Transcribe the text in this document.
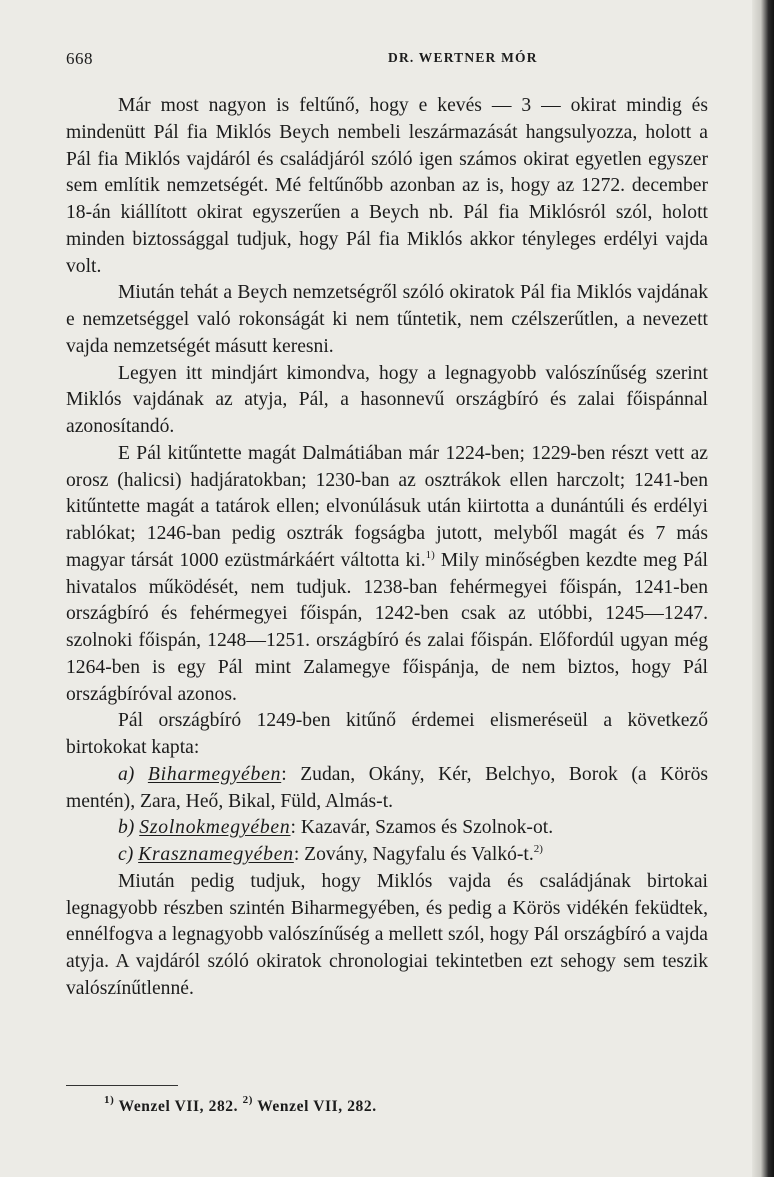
668	DR. WERTNER MÓR

Már most nagyon is feltűnő, hogy e kevés — 3 — okirat mindig és mindenütt Pál fia Miklós Beych nembeli leszármazását hangsulyozza, holott a Pál fia Miklós vajdáról és családjáról szóló igen számos okirat egyetlen egyszer sem említik nemzetségét. Mé feltűnőbb azonban az is, hogy az 1272. december 18-án kiállított okirat egyszerűen a Beych nb. Pál fia Miklósról szól, holott minden biztossággal tudjuk, hogy Pál fia Miklós akkor tényleges erdélyi vajda volt.

Miután tehát a Beych nemzetségről szóló okiratok Pál fia Miklós vajdának e nemzetséggel való rokonságát ki nem tűntetik, nem czélszerűtlen, a nevezett vajda nemzetségét másutt keresni.

Legyen itt mindjárt kimondva, hogy a legnagyobb valószínűség szerint Miklós vajdának az atyja, Pál, a hasonnevű országbíró és zalai főispánnal azonosítandó.

E Pál kitűntette magát Dalmátiában már 1224-ben; 1229-ben részt vett az orosz (halicsi) hadjáratokban; 1230-ban az osztrákok ellen harczolt; 1241-ben kitűntette magát a tatárok ellen; elvonúlásuk után kiirtotta a dunántúli és erdélyi rablókat; 1246-ban pedig osztrák fogságba jutott, melyből magát és 7 más magyar társát 1000 ezüstmárkáért váltotta ki.$^{1)}$ Mily minőségben kezdte meg Pál hivatalos működését, nem tudjuk. 1238-ban fehérmegyei főispán, 1241-ben országbíró és fehérmegyei főispán, 1242-ben csak az utóbbi, 1245—1247. szolnoki főispán, 1248—1251. országbíró és zalai főispán. Előfordúl ugyan még 1264-ben is egy Pál mint Zalamegye főispánja, de nem biztos, hogy Pál országbíróval azonos.

Pál országbíró 1249-ben kitűnő érdemei elismeréseül a következő birtokokat kapta:

a) Biharmegyében: Zudan, Okány, Kér, Belchyo, Borok (a Körös mentén), Zara, Heő, Bikal, Füld, Almás-t.

b) Szolnokmegyében: Kazavár, Szamos és Szolnok-ot.

c) Krasznamegyében: Zovány, Nagyfalu és Valkó-t.$^{2)}$

Miután pedig tudjuk, hogy Miklós vajda és családjának birtokai legnagyobb részben szintén Biharmegyében, és pedig a Körös vidékén feküdtek, ennélfogva a legnagyobb valószínűség a mellett szól, hogy Pál országbíró a vajda atyja. A vajdáról szóló okiratok chronologiai tekintetben ezt sehogy sem teszik valószínűtlenné.

$^{1)}$ Wenzel VII, 282. $^{2)}$ Wenzel VII, 282.
